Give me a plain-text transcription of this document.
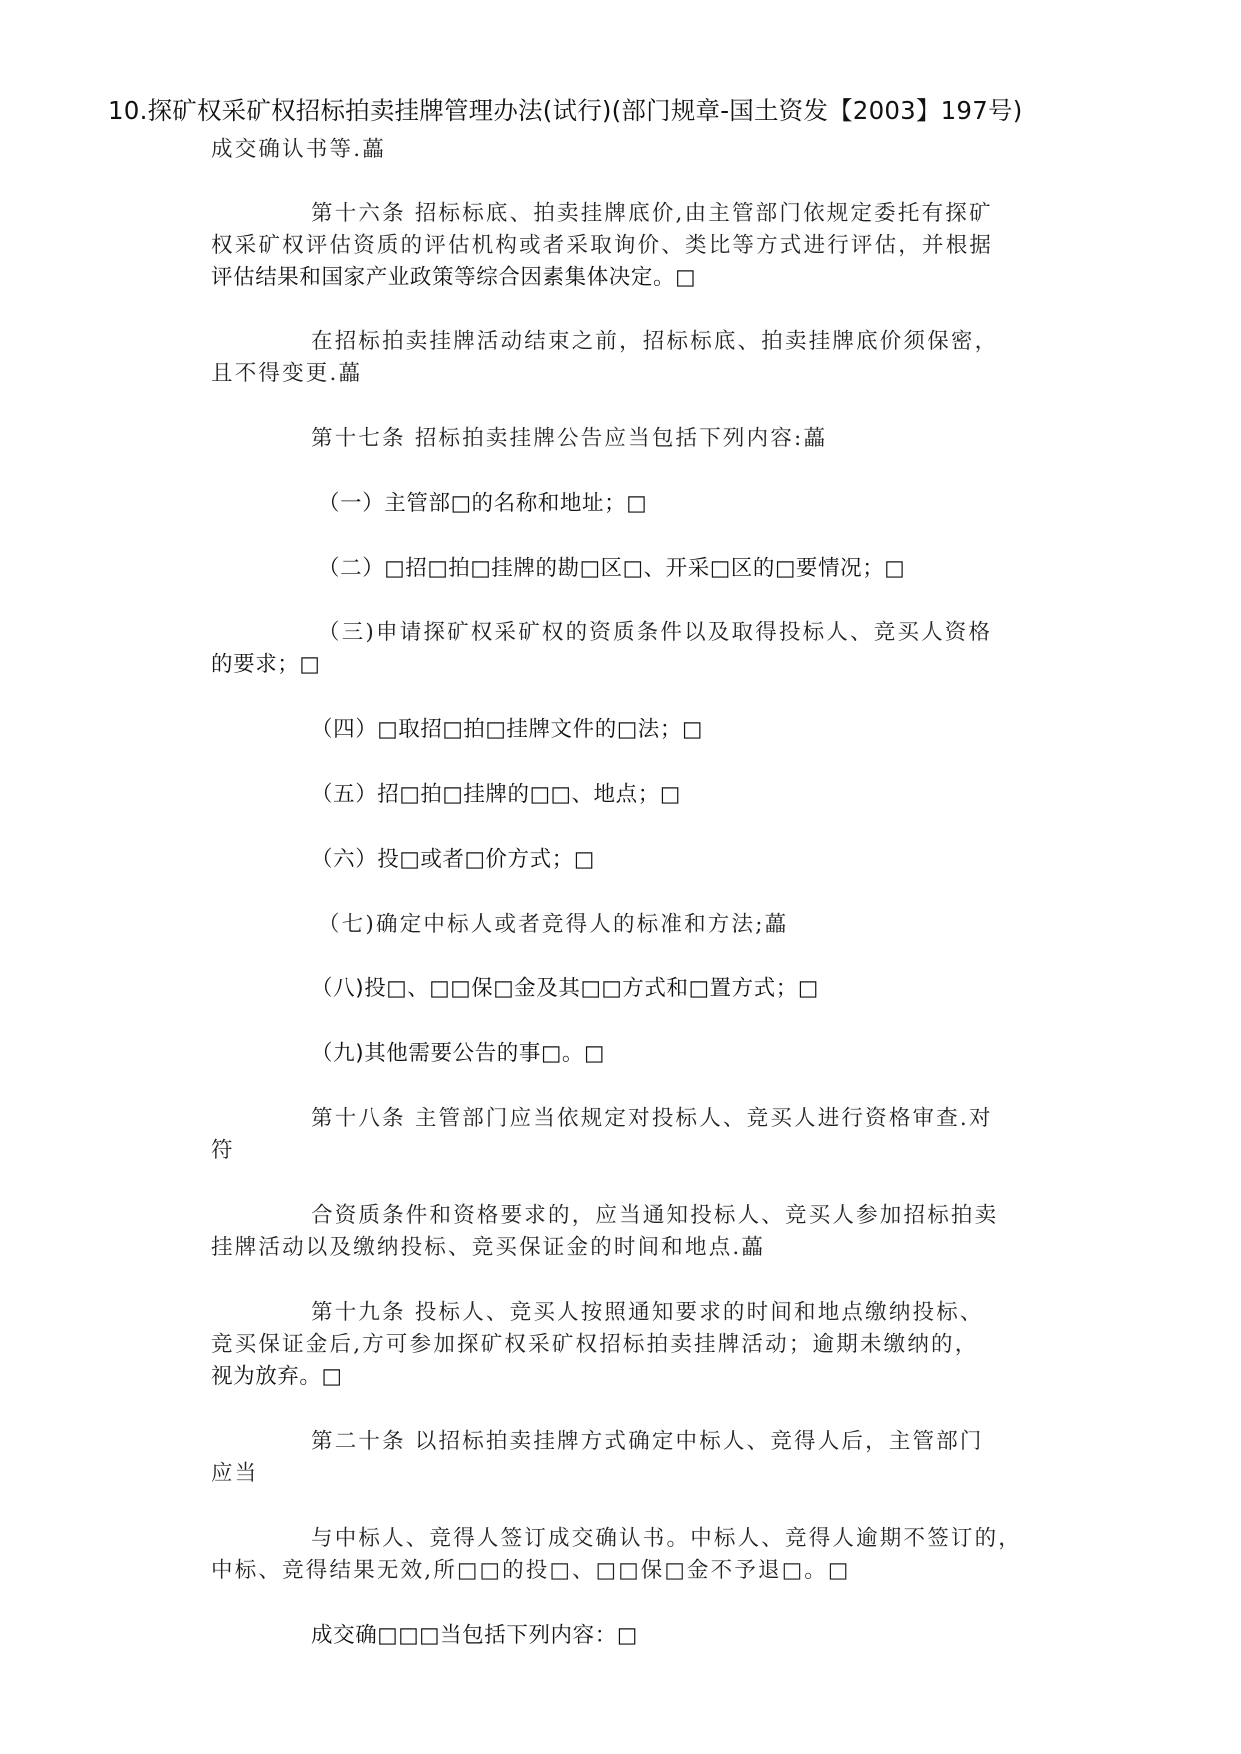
10.探矿权采矿权招标拍卖挂牌管理办法(试行)(部门规章-国土资发【2003】197号)
成交确认书等.藟
第十六条 招标标底、拍卖挂牌底价,由主管部门依规定委托有探矿
权采矿权评估资质的评估机构或者采取询价、类比等方式进行评估，并根据
评估结果和国家产业政策等综合因素集体决定。□
在招标拍卖挂牌活动结束之前，招标标底、拍卖挂牌底价须保密，
且不得变更.藟
第十七条 招标拍卖挂牌公告应当包括下列内容:藟
（一）主管部□的名称和地址；□
（二）□招□拍□挂牌的勘□区□、开采□区的□要情况；□
（三)申请探矿权采矿权的资质条件以及取得投标人、竞买人资格
的要求；□
（四）□取招□拍□挂牌文件的□法；□
（五）招□拍□挂牌的□□、地点；□
（六）投□或者□价方式；□
（七)确定中标人或者竞得人的标准和方法;藟
（八)投□、□□保□金及其□□方式和□置方式；□
（九)其他需要公告的事□。□
第十八条 主管部门应当依规定对投标人、竞买人进行资格审查.对
符
合资质条件和资格要求的，应当通知投标人、竞买人参加招标拍卖
挂牌活动以及缴纳投标、竞买保证金的时间和地点.藟
第十九条 投标人、竞买人按照通知要求的时间和地点缴纳投标、
竞买保证金后,方可参加探矿权采矿权招标拍卖挂牌活动；逾期未缴纳的，
视为放弃。□
第二十条 以招标拍卖挂牌方式确定中标人、竞得人后，主管部门
应当
与中标人、竞得人签订成交确认书。中标人、竞得人逾期不签订的，
中标、竞得结果无效,所□□的投□、□□保□金不予退□。□
成交确□□□当包括下列内容：□
